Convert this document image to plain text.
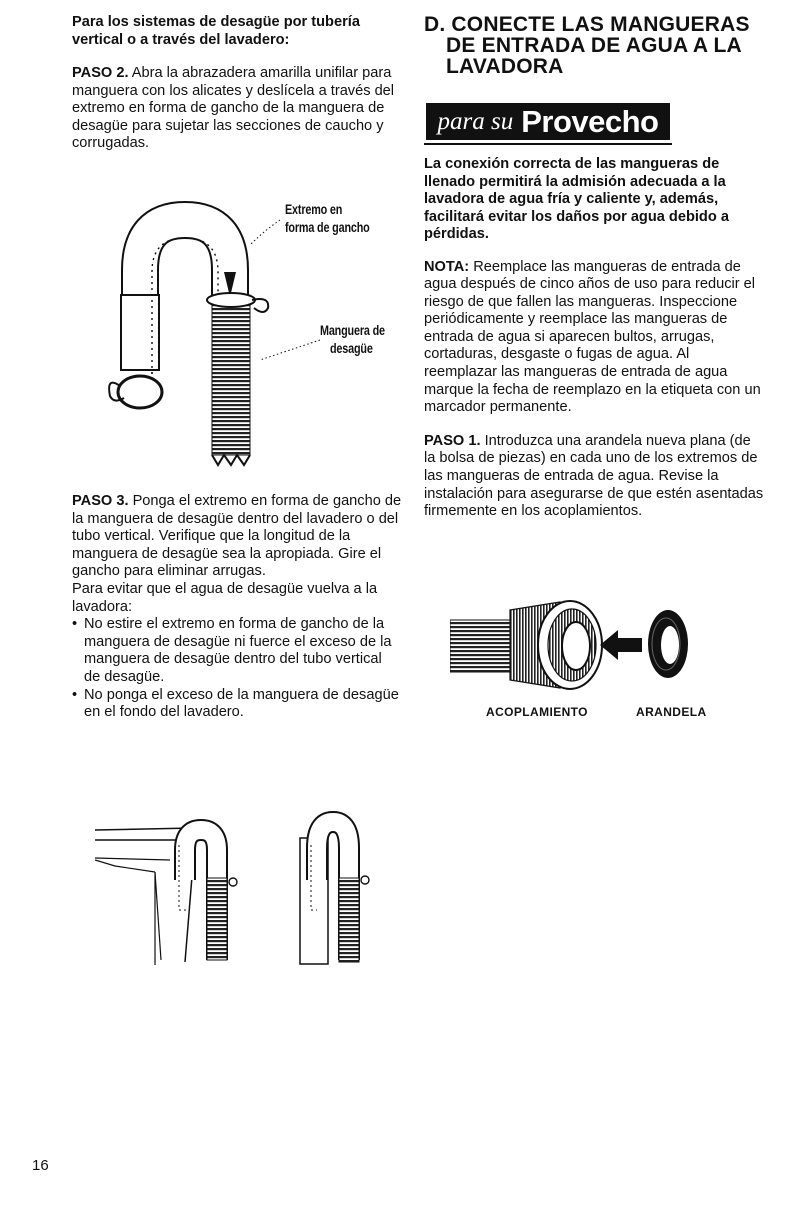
Para los sistemas de desagüe por tubería vertical o a través del lavadero:

PASO 2. Abra la abrazadera amarilla unifilar para manguera con los alicates y deslícela a través del extremo en forma de gancho de la manguera de desagüe para sujetar las secciones de caucho y corrugadas.

Extremo en
forma de gancho
Manguera de
desagüe

PASO 3. Ponga el extremo en forma de gancho de la manguera de desagüe dentro del lavadero o del tubo vertical. Verifique que la longitud de la manguera de desagüe sea la apropiada. Gire el gancho para eliminar arrugas.

Para evitar que el agua de desagüe vuelva a la lavadora:

• No estire el extremo en forma de gancho de la manguera de desagüe ni fuerce el exceso de la manguera de desagüe dentro del tubo vertical de desagüe.

• No ponga el exceso de la manguera de desagüe en el fondo del lavadero.

D. CONECTE LAS MANGUERAS
DE ENTRADA DE AGUA A LA
LAVADORA
para su Provecho

La conexión correcta de las mangueras de llenado permitirá la admisión adecuada a la lavadora de agua fría y caliente y, además, facilitará evitar los daños por agua debido a pérdidas.

NOTA: Reemplace las mangueras de entrada de agua después de cinco años de uso para reducir el riesgo de que fallen las mangueras. Inspeccione periódicamente y reemplace las mangueras de entrada de agua si aparecen bultos, arrugas, cortaduras, desgaste o fugas de agua. Al reemplazar las mangueras de entrada de agua marque la fecha de reemplazo en la etiqueta con un marcador permanente.

PASO 1. Introduzca una arandela nueva plana (de la bolsa de piezas) en cada uno de los extremos de las mangueras de entrada de agua. Revise la instalación para asegurarse de que estén asentadas firmemente en los acoplamientos.

ACOPLAMIENTO	ARANDELA
16
